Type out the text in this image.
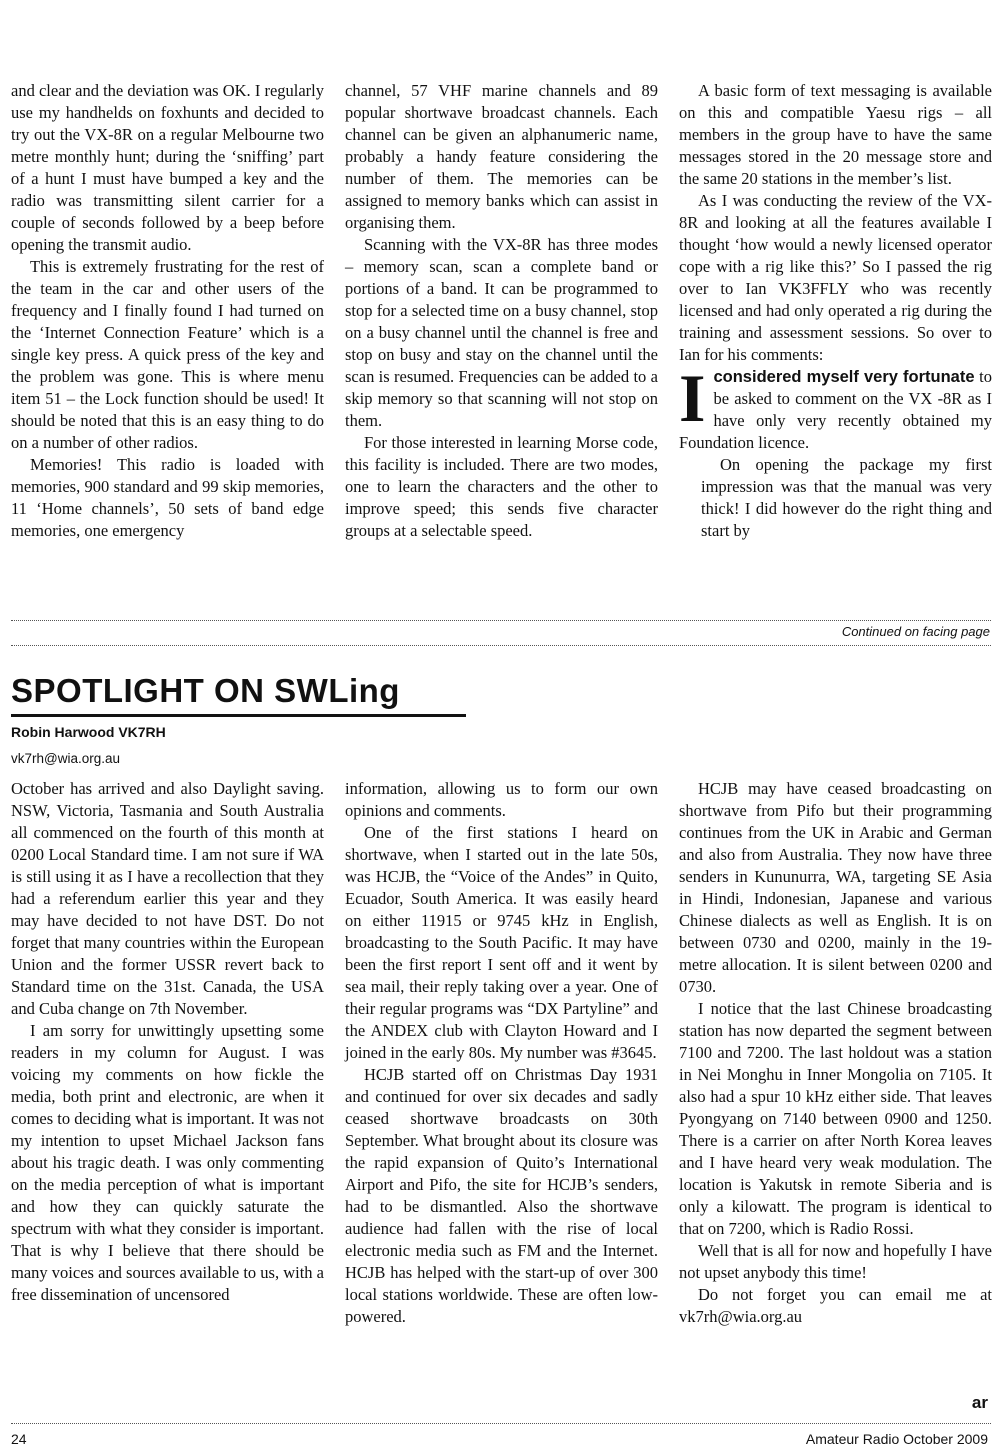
and clear and the deviation was OK. I regularly use my handhelds on foxhunts and decided to try out the VX-8R on a regular Melbourne two metre monthly hunt; during the ‘sniffing’ part of a hunt I must have bumped a key and the radio was transmitting silent carrier for a couple of seconds followed by a beep before opening the transmit audio.

This is extremely frustrating for the rest of the team in the car and other users of the frequency and I finally found I had turned on the ‘Internet Connection Feature’ which is a single key press. A quick press of the key and the problem was gone. This is where menu item 51 – the Lock function should be used! It should be noted that this is an easy thing to do on a number of other radios.

Memories! This radio is loaded with memories, 900 standard and 99 skip memories, 11 ‘Home channels’, 50 sets of band edge memories, one emergency

channel, 57 VHF marine channels and 89 popular shortwave broadcast channels. Each channel can be given an alphanumeric name, probably a handy feature considering the number of them. The memories can be assigned to memory banks which can assist in organising them.

Scanning with the VX-8R has three modes – memory scan, scan a complete band or portions of a band. It can be programmed to stop for a selected time on a busy channel, stop on a busy channel until the channel is free and stop on busy and stay on the channel until the scan is resumed. Frequencies can be added to a skip memory so that scanning will not stop on them.

For those interested in learning Morse code, this facility is included. There are two modes, one to learn the characters and the other to improve speed; this sends five character groups at a selectable speed.

A basic form of text messaging is available on this and compatible Yaesu rigs – all members in the group have to have the same messages stored in the 20 message store and the same 20 stations in the member’s list.

As I was conducting the review of the VX-8R and looking at all the features available I thought ‘how would a newly licensed operator cope with a rig like this?’ So I passed the rig over to Ian VK3FFLY who was recently licensed and had only operated a rig during the training and assessment sessions. So over to Ian for his comments:

Iconsidered myself very fortunate to be asked to comment on the VX -8R as I have only very recently obtained my Foundation licence.

On opening the package my first impression was that the manual was very thick! I did however do the right thing and start by

Continued on facing page
SPOTLIGHT ON SWLing
Robin Harwood VK7RH
vk7rh@wia.org.au

October has arrived and also Daylight saving. NSW, Victoria, Tasmania and South Australia all commenced on the fourth of this month at 0200 Local Standard time. I am not sure if WA is still using it as I have a recollection that they had a referendum earlier this year and they may have decided to not have DST. Do not forget that many countries within the European Union and the former USSR revert back to Standard time on the 31st. Canada, the USA and Cuba change on 7th November.

I am sorry for unwittingly upsetting some readers in my column for August. I was voicing my comments on how fickle the media, both print and electronic, are when it comes to deciding what is important. It was not my intention to upset Michael Jackson fans about his tragic death. I was only commenting on the media perception of what is important and how they can quickly saturate the spectrum with what they consider is important. That is why I believe that there should be many voices and sources available to us, with a free dissemination of uncensored

information, allowing us to form our own opinions and comments.

One of the first stations I heard on shortwave, when I started out in the late 50s, was HCJB, the “Voice of the Andes” in Quito, Ecuador, South America. It was easily heard on either 11915 or 9745 kHz in English, broadcasting to the South Pacific. It may have been the first report I sent off and it went by sea mail, their reply taking over a year. One of their regular programs was “DX Partyline” and the ANDEX club with Clayton Howard and I joined in the early 80s. My number was #3645.

HCJB started off on Christmas Day 1931 and continued for over six decades and sadly ceased shortwave broadcasts on 30th September. What brought about its closure was the rapid expansion of Quito’s International Airport and Pifo, the site for HCJB’s senders, had to be dismantled. Also the shortwave audience had fallen with the rise of local electronic media such as FM and the Internet. HCJB has helped with the start-up of over 300 local stations worldwide. These are often low-powered.

HCJB may have ceased broadcasting on shortwave from Pifo but their programming continues from the UK in Arabic and German and also from Australia. They now have three senders in Kununurra, WA, targeting SE Asia in Hindi, Indonesian, Japanese and various Chinese dialects as well as English. It is on between 0730 and 0200, mainly in the 19-metre allocation. It is silent between 0200 and 0730.

I notice that the last Chinese broadcasting station has now departed the segment between 7100 and 7200. The last holdout was a station in Nei Monghu in Inner Mongolia on 7105. It also had a spur 10 kHz either side. That leaves Pyongyang on 7140 between 0900 and 1250. There is a carrier on after North Korea leaves and I have heard very weak modulation. The location is Yakutsk in remote Siberia and is only a kilowatt. The program is identical to that on 7200, which is Radio Rossi.

Well that is all for now and hopefully I have not upset anybody this time!

Do not forget you can email me at vk7rh@wia.org.au

ar
24	Amateur Radio October 2009
